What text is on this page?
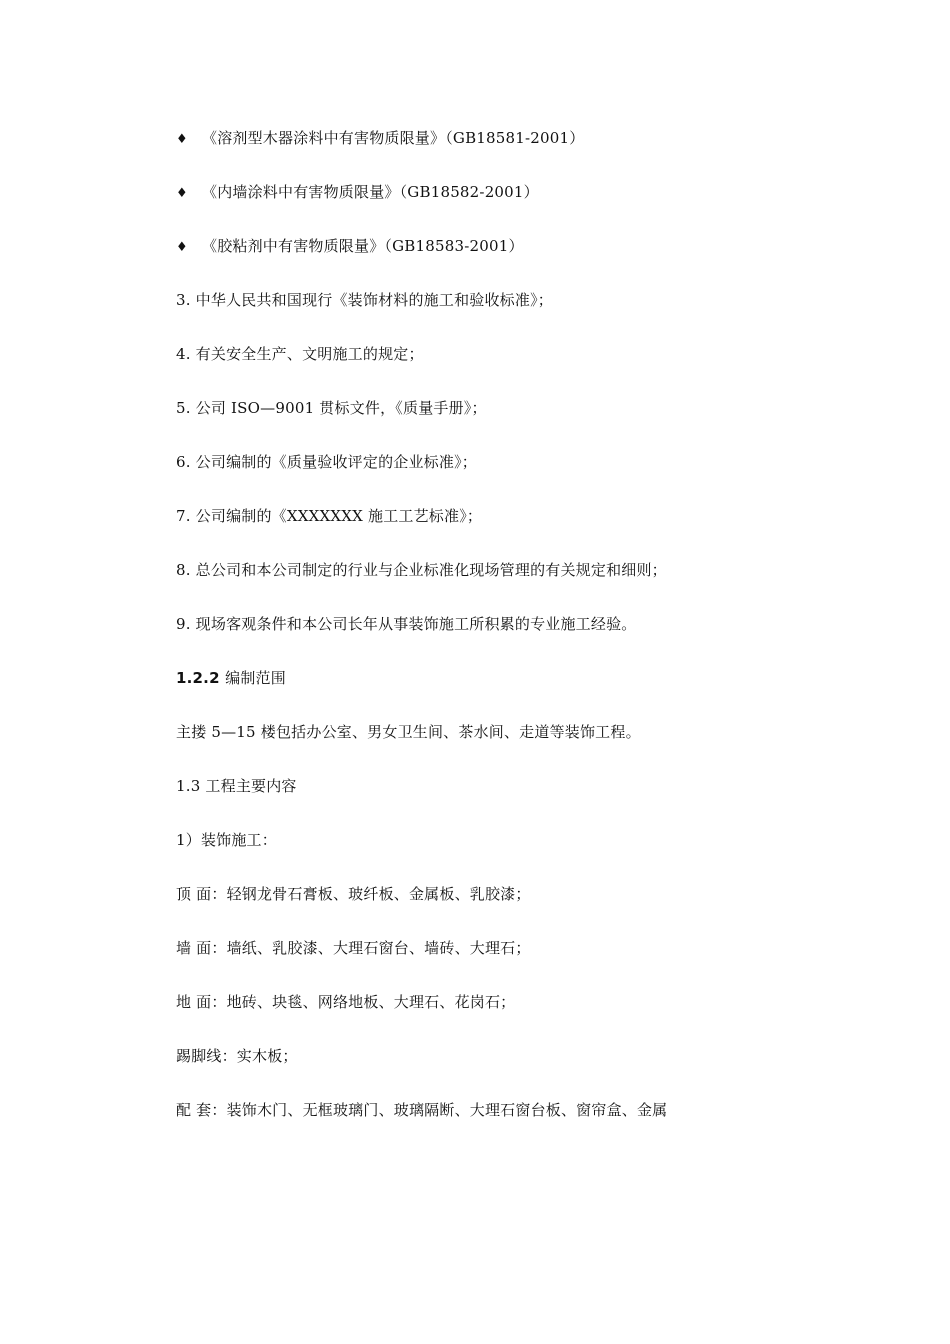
♦ 《溶剂型木器涂料中有害物质限量》（GB18581-2001）
♦ 《内墙涂料中有害物质限量》（GB18582-2001）
♦ 《胶粘剂中有害物质限量》（GB18583-2001）
3. 中华人民共和国现行《装饰材料的施工和验收标准》；
4. 有关安全生产、文明施工的规定；
5. 公司 ISO—9001 贯标文件，《质量手册》；
6. 公司编制的《质量验收评定的企业标准》；
7. 公司编制的《XXXXXXX 施工工艺标准》；
8. 总公司和本公司制定的行业与企业标准化现场管理的有关规定和细则；
9. 现场客观条件和本公司长年从事装饰施工所积累的专业施工经验。
1.2.2 编制范围
主搂 5—15 楼包括办公室、男女卫生间、茶水间、走道等装饰工程。
1.3 工程主要内容
1）装饰施工：
顶 面：轻钢龙骨石膏板、玻纤板、金属板、乳胶漆；
墙 面：墙纸、乳胶漆、大理石窗台、墙砖、大理石；
地 面：地砖、块毯、网络地板、大理石、花岗石；
踢脚线：实木板；
配 套：装饰木门、无框玻璃门、玻璃隔断、大理石窗台板、窗帘盒、金属
